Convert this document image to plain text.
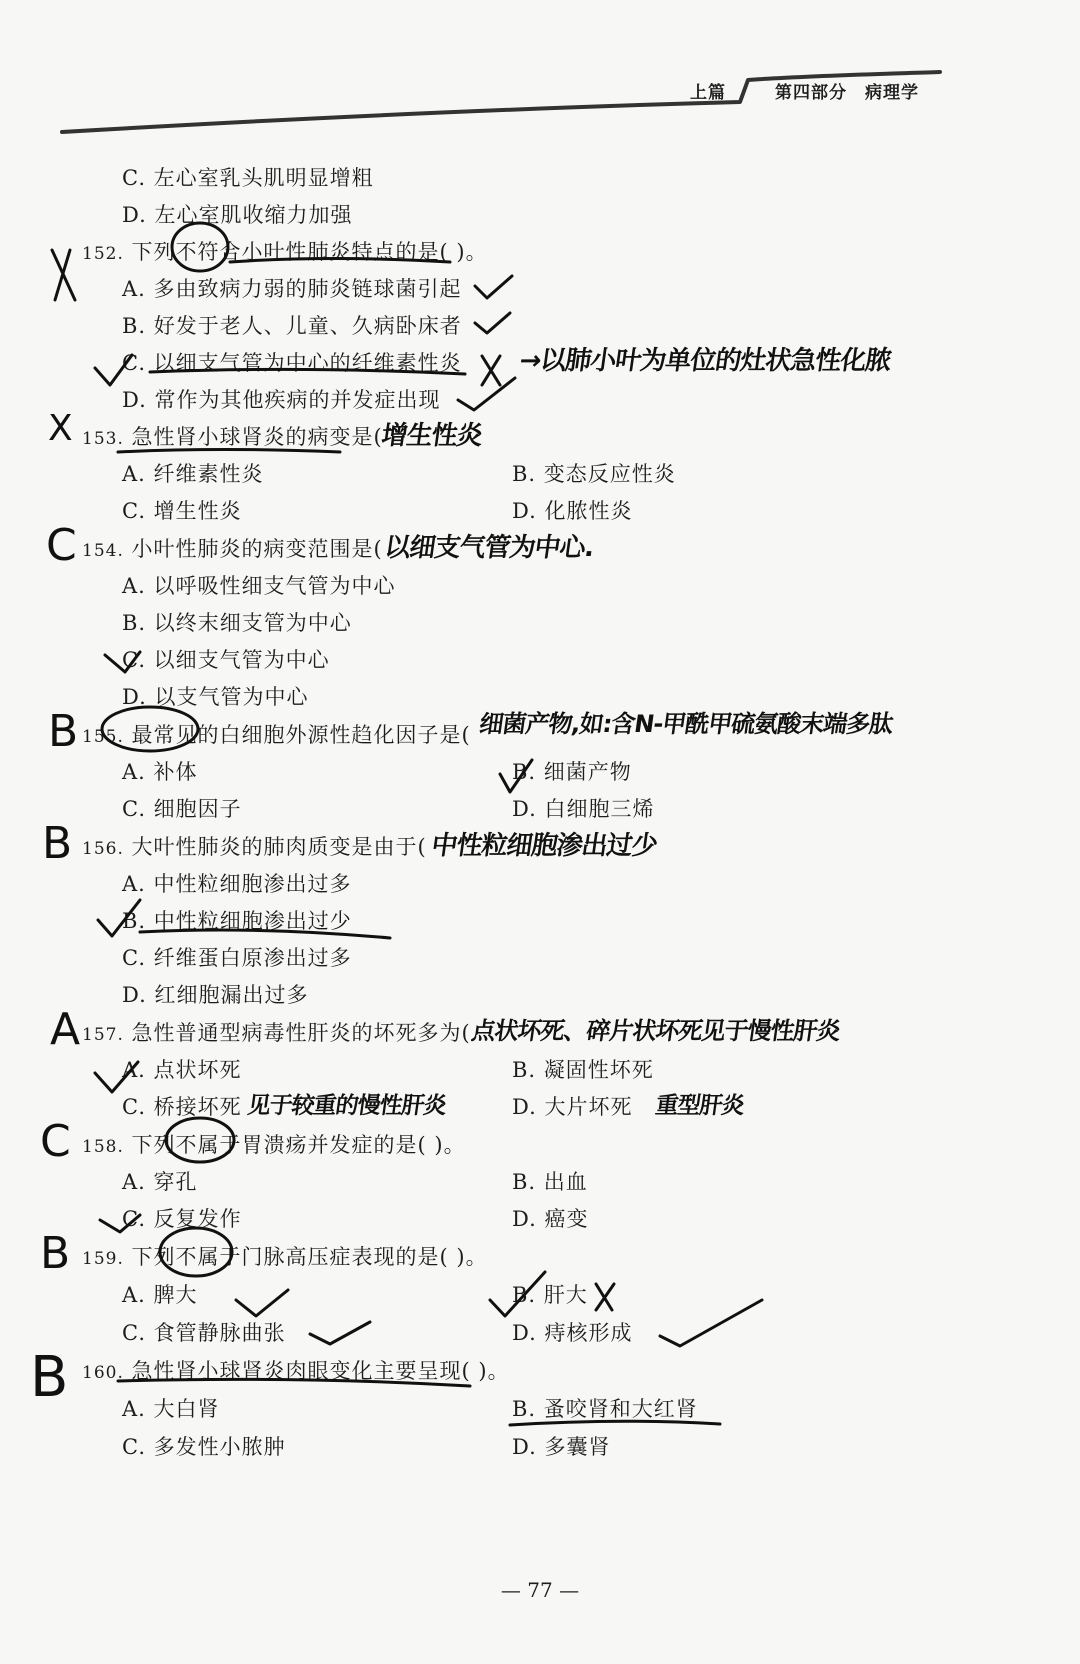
上篇	第四部分 病理学
C. 左心室乳头肌明显增粗
D. 左心室肌收缩力加强
152. 下列不符合小叶性肺炎特点的是( )。
A. 多由致病力弱的肺炎链球菌引起
B. 好发于老人、儿童、久病卧床者
C. 以细支气管为中心的纤维素性炎
D. 常作为其他疾病的并发症出现
153. 急性肾小球肾炎的病变是(
A. 纤维素性炎	B. 变态反应性炎
C. 增生性炎	D. 化脓性炎
154. 小叶性肺炎的病变范围是(
A. 以呼吸性细支气管为中心
B. 以终末细支管为中心
C. 以细支气管为中心
D. 以支气管为中心
155. 最常见的白细胞外源性趋化因子是(
A. 补体	B. 细菌产物
C. 细胞因子	D. 白细胞三烯
156. 大叶性肺炎的肺肉质变是由于(
A. 中性粒细胞渗出过多
B. 中性粒细胞渗出过少
C. 纤维蛋白原渗出过多
D. 红细胞漏出过多
157. 急性普通型病毒性肝炎的坏死多为(
A. 点状坏死	B. 凝固性坏死
C. 桥接坏死	D. 大片坏死
158. 下列不属于胃溃疡并发症的是( )。
A. 穿孔	B. 出血
C. 反复发作	D. 癌变
159. 下列不属于门脉高压症表现的是( )。
A. 脾大	B. 肝大
C. 食管静脉曲张	D. 痔核形成
160. 急性肾小球肾炎肉眼变化主要呈现( )。
A. 大白肾	B. 蚤咬肾和大红肾
C. 多发性小脓肿	D. 多囊肾
→以肺小叶为单位的灶状急性化脓
增生性炎
以细支气管为中心.
细菌产物,如:含N-甲酰甲硫氨酸末端多肽
中性粒细胞渗出过少
点状坏死、碎片状坏死见于慢性肝炎
见于较重的慢性肝炎	重型肝炎
X
C
B
B
A
C
B
B
— 77 —
